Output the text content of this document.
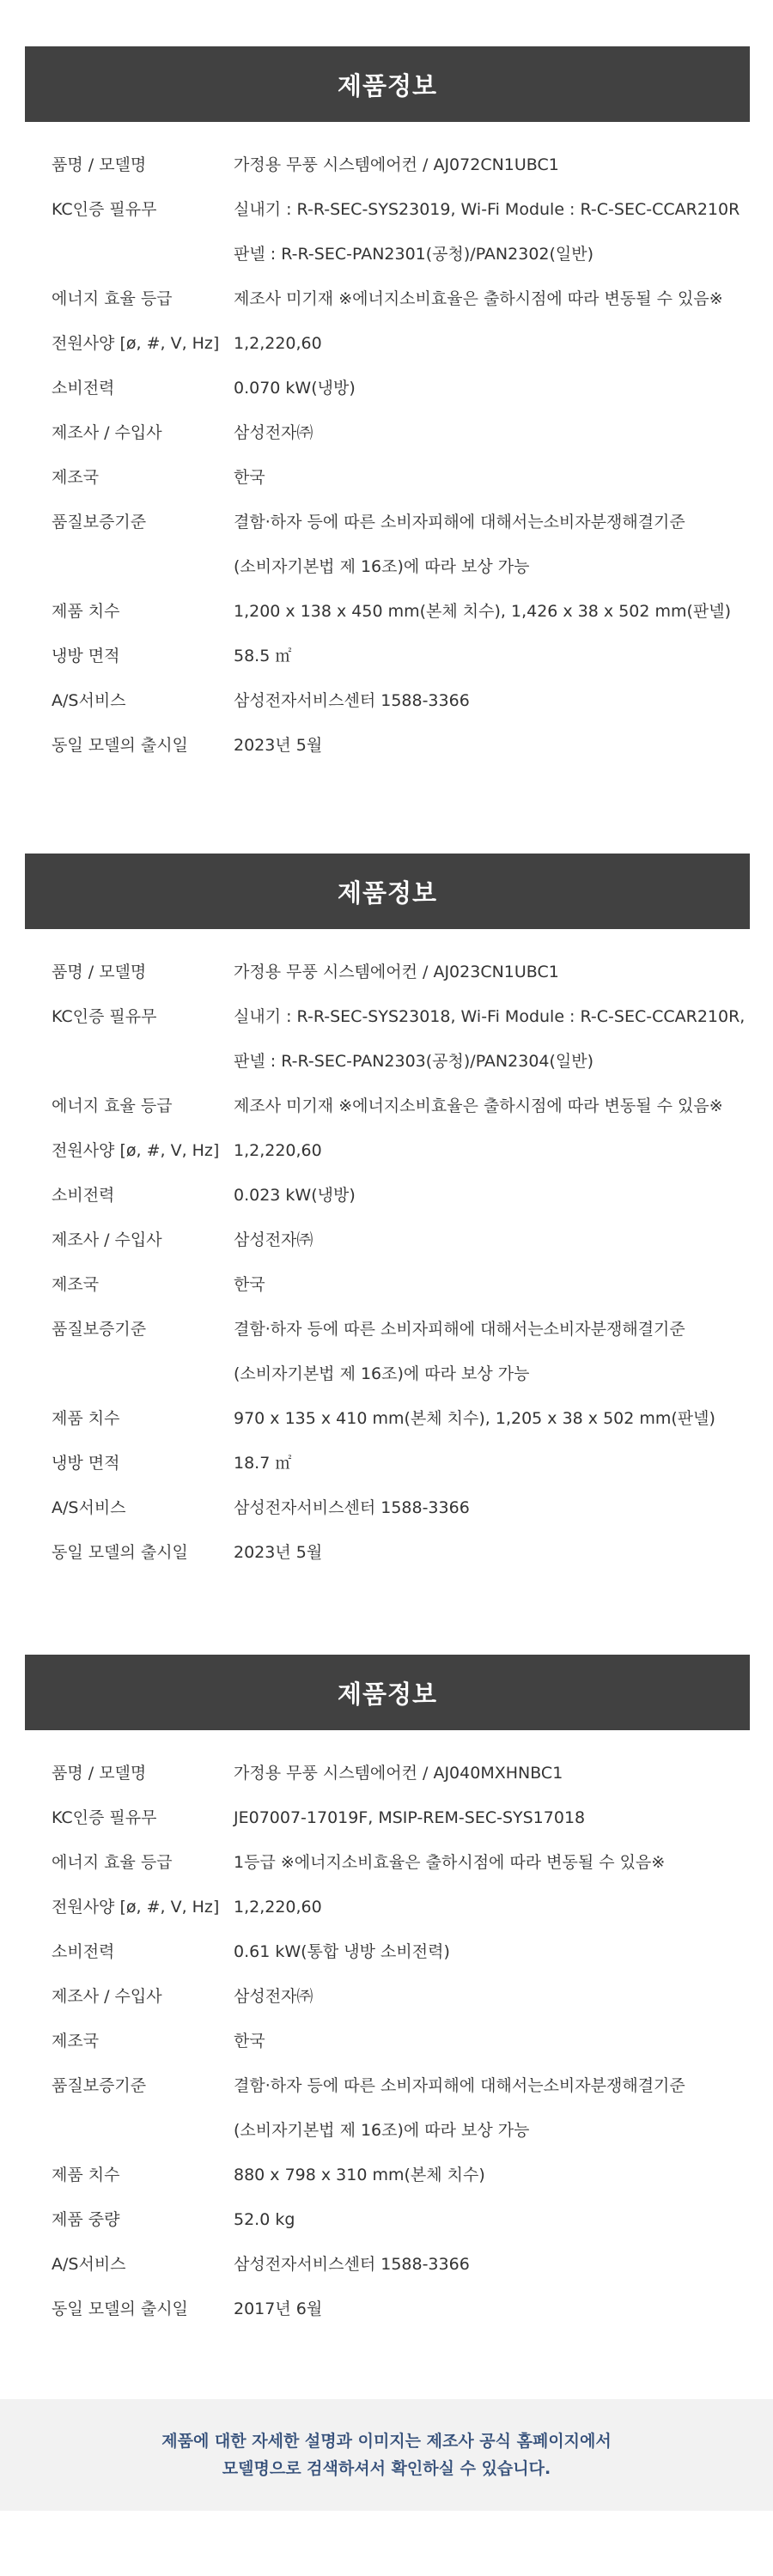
제품정보
품명 / 모델명	가정용 무풍 시스템에어컨 / AJ072CN1UBC1
KC인증 필유무	실내기 : R-R-SEC-SYS23019, Wi-Fi Module : R-C-SEC-CCAR210R
판넬 : R-R-SEC-PAN2301(공청)/PAN2302(일반)
에너지 효율 등급	제조사 미기재 ※에너지소비효율은 출하시점에 따라 변동될 수 있음※
전원사양 [ø, #, V, Hz] 1,2,220,60
소비전력	0.070 kW(냉방)
제조사 / 수입사	삼성전자㈜
제조국	한국
품질보증기준	결함·하자 등에 따른 소비자피해에 대해서는소비자분쟁해결기준
(소비자기본법 제 16조)에 따라 보상 가능
제품 치수	1,200 x 138 x 450 mm(본체 치수), 1,426 x 38 x 502 mm(판넬)
냉방 면적	58.5 ㎡
A/S서비스	삼성전자서비스센터 1588-3366
동일 모델의 출시일	2023년 5월
제품정보
품명 / 모델명	가정용 무풍 시스템에어컨 / AJ023CN1UBC1
KC인증 필유무	실내기 : R-R-SEC-SYS23018, Wi-Fi Module : R-C-SEC-CCAR210R,
판넬 : R-R-SEC-PAN2303(공청)/PAN2304(일반)
에너지 효율 등급	제조사 미기재 ※에너지소비효율은 출하시점에 따라 변동될 수 있음※
전원사양 [ø, #, V, Hz] 1,2,220,60
소비전력	0.023 kW(냉방)
제조사 / 수입사	삼성전자㈜
제조국	한국
품질보증기준	결함·하자 등에 따른 소비자피해에 대해서는소비자분쟁해결기준
(소비자기본법 제 16조)에 따라 보상 가능
제품 치수	970 x 135 x 410 mm(본체 치수), 1,205 x 38 x 502 mm(판넬)
냉방 면적	18.7 ㎡
A/S서비스	삼성전자서비스센터 1588-3366
동일 모델의 출시일	2023년 5월
제품정보
품명 / 모델명	가정용 무풍 시스템에어컨 / AJ040MXHNBC1
KC인증 필유무	JE07007-17019F, MSIP-REM-SEC-SYS17018
에너지 효율 등급	1등급 ※에너지소비효율은 출하시점에 따라 변동될 수 있음※
전원사양 [ø, #, V, Hz] 1,2,220,60
소비전력	0.61 kW(통합 냉방 소비전력)
제조사 / 수입사	삼성전자㈜
제조국	한국
품질보증기준	결함·하자 등에 따른 소비자피해에 대해서는소비자분쟁해결기준
(소비자기본법 제 16조)에 따라 보상 가능
제품 치수	880 x 798 x 310 mm(본체 치수)
제품 중량	52.0 kg
A/S서비스	삼성전자서비스센터 1588-3366
동일 모델의 출시일	2017년 6월
제품에 대한 자세한 설명과 이미지는 제조사 공식 홈페이지에서
모델명으로 검색하셔서 확인하실 수 있습니다.
